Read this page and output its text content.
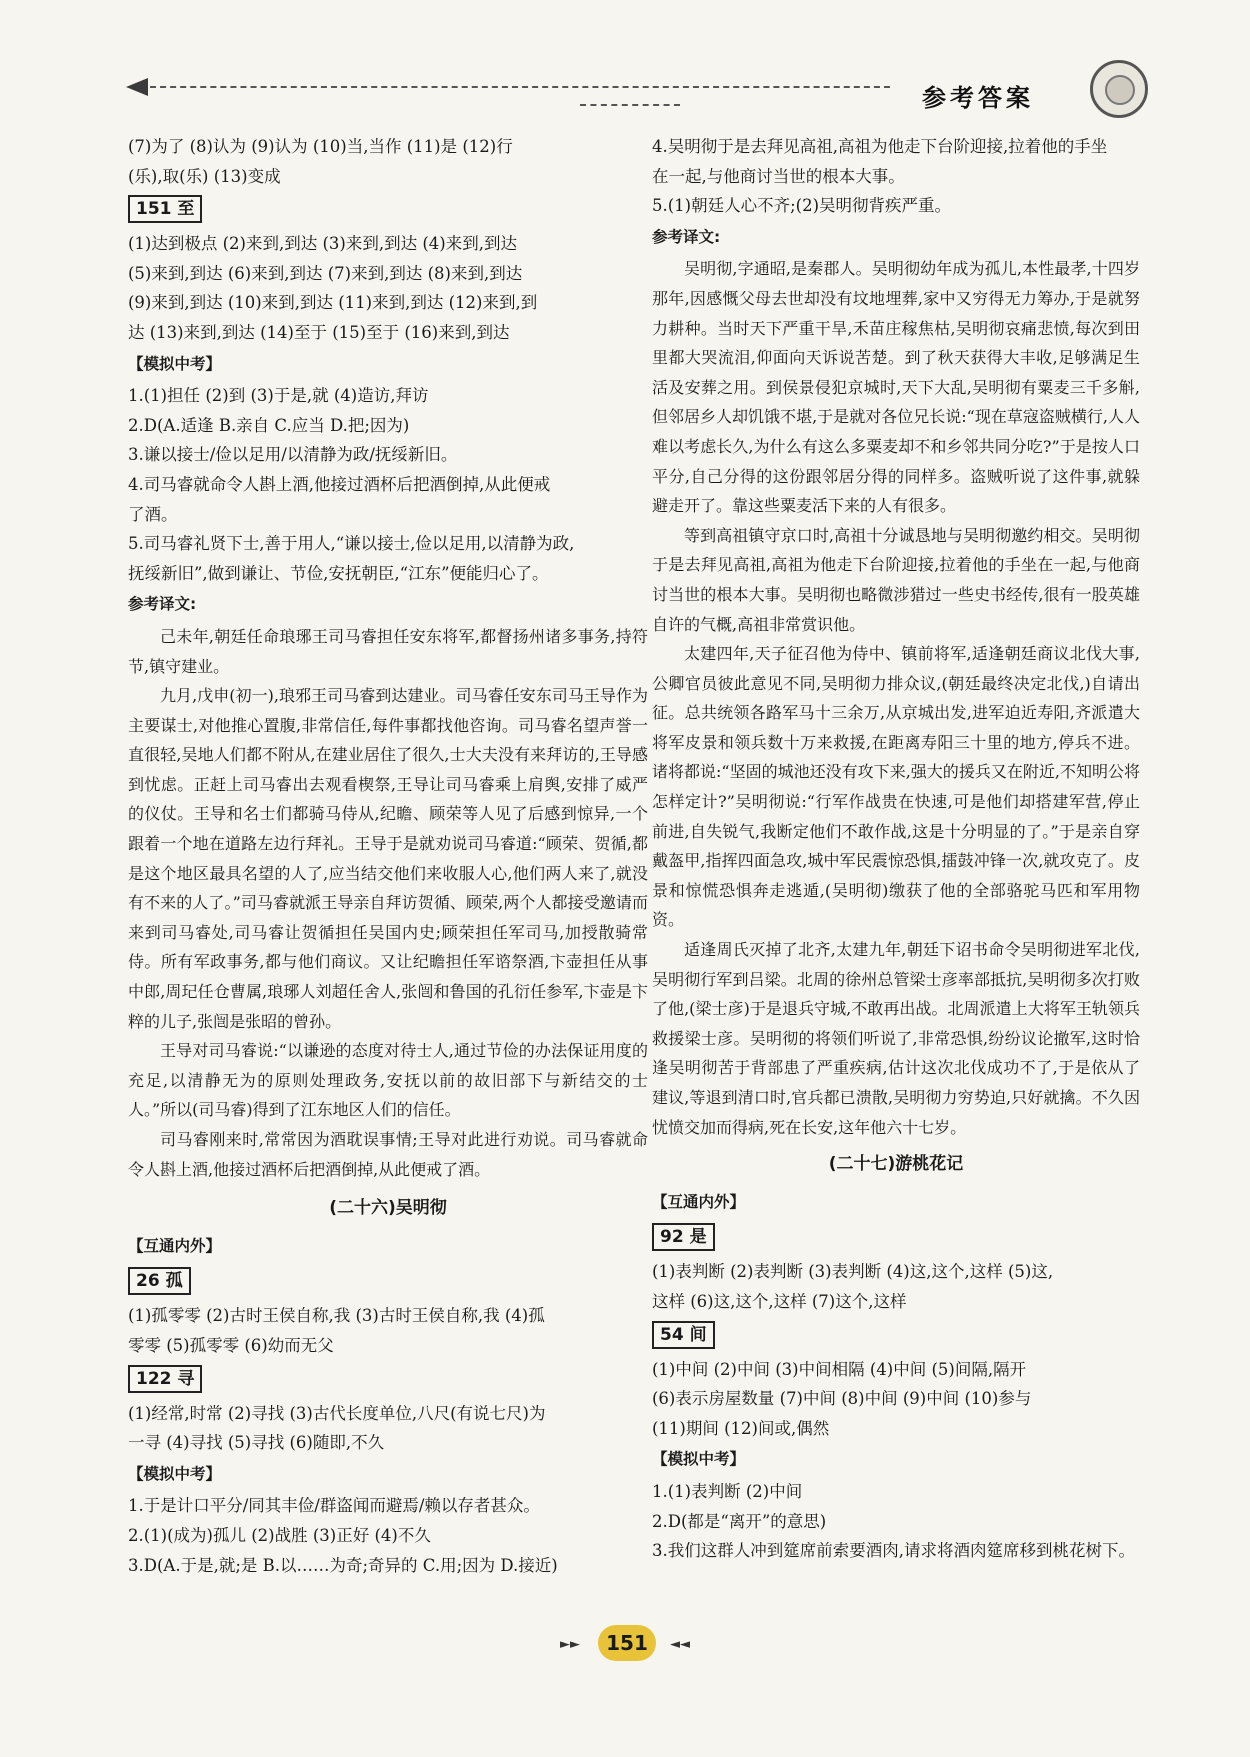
参考答案
(7)为了 (8)认为 (9)认为 (10)当,当作 (11)是 (12)行
(乐),取(乐) (13)变成
151 至
(1)达到极点 (2)来到,到达 (3)来到,到达 (4)来到,到达
(5)来到,到达 (6)来到,到达 (7)来到,到达 (8)来到,到达
(9)来到,到达 (10)来到,到达 (11)来到,到达 (12)来到,到
达 (13)来到,到达 (14)至于 (15)至于 (16)来到,到达
【模拟中考】
1.(1)担任 (2)到 (3)于是,就 (4)造访,拜访
2.D(A.适逢 B.亲自 C.应当 D.把;因为)
3.谦以接士/俭以足用/以清静为政/抚绥新旧。
4.司马睿就命令人斟上酒,他接过酒杯后把酒倒掉,从此便戒
了酒。
5.司马睿礼贤下士,善于用人,“谦以接士,俭以足用,以清静为政,
抚绥新旧”,做到谦让、节俭,安抚朝臣,“江东”便能归心了。
参考译文:

己未年,朝廷任命琅琊王司马睿担任安东将军,都督扬州诸多事务,持符节,镇守建业。

九月,戊申(初一),琅邪王司马睿到达建业。司马睿任安东司马王导作为主要谋士,对他推心置腹,非常信任,每件事都找他咨询。司马睿名望声誉一直很轻,吴地人们都不附从,在建业居住了很久,士大夫没有来拜访的,王导感到忧虑。正赶上司马睿出去观看楔祭,王导让司马睿乘上肩舆,安排了威严的仪仗。王导和名士们都骑马侍从,纪瞻、顾荣等人见了后感到惊异,一个跟着一个地在道路左边行拜礼。王导于是就劝说司马睿道:“顾荣、贺循,都是这个地区最具名望的人了,应当结交他们来收服人心,他们两人来了,就没有不来的人了。”司马睿就派王导亲自拜访贺循、顾荣,两个人都接受邀请而来到司马睿处,司马睿让贺循担任吴国内史;顾荣担任军司马,加授散骑常侍。所有军政事务,都与他们商议。又让纪瞻担任军谘祭酒,卞壶担任从事中郎,周玘任仓曹属,琅琊人刘超任舍人,张闿和鲁国的孔衍任参军,卞壶是卞粹的儿子,张闿是张昭的曾孙。

王导对司马睿说:“以谦逊的态度对待士人,通过节俭的办法保证用度的充足,以清静无为的原则处理政务,安抚以前的故旧部下与新结交的士人。”所以(司马睿)得到了江东地区人们的信任。

司马睿刚来时,常常因为酒耽误事情;王导对此进行劝说。司马睿就命令人斟上酒,他接过酒杯后把酒倒掉,从此便戒了酒。

(二十六)吴明彻
【互通内外】
26 孤
(1)孤零零 (2)古时王侯自称,我 (3)古时王侯自称,我 (4)孤
零零 (5)孤零零 (6)幼而无父
122 寻
(1)经常,时常 (2)寻找 (3)古代长度单位,八尺(有说七尺)为
一寻 (4)寻找 (5)寻找 (6)随即,不久
【模拟中考】
1.于是计口平分/同其丰俭/群盗闻而避焉/赖以存者甚众。
2.(1)(成为)孤儿 (2)战胜 (3)正好 (4)不久
3.D(A.于是,就;是 B.以……为奇;奇异的 C.用;因为 D.接近)
4.吴明彻于是去拜见高祖,高祖为他走下台阶迎接,拉着他的手坐
在一起,与他商讨当世的根本大事。
5.(1)朝廷人心不齐;(2)吴明彻背疾严重。
参考译文:

吴明彻,字通昭,是秦郡人。吴明彻幼年成为孤儿,本性最孝,十四岁那年,因感慨父母去世却没有坟地埋葬,家中又穷得无力筹办,于是就努力耕种。当时天下严重干旱,禾苗庄稼焦枯,吴明彻哀痛悲愤,每次到田里都大哭流泪,仰面向天诉说苦楚。到了秋天获得大丰收,足够满足生活及安葬之用。到侯景侵犯京城时,天下大乱,吴明彻有粟麦三千多斛,但邻居乡人却饥饿不堪,于是就对各位兄长说:“现在草寇盗贼横行,人人难以考虑长久,为什么有这么多粟麦却不和乡邻共同分吃?”于是按人口平分,自己分得的这份跟邻居分得的同样多。盗贼听说了这件事,就躲避走开了。靠这些粟麦活下来的人有很多。

等到高祖镇守京口时,高祖十分诚恳地与吴明彻邀约相交。吴明彻于是去拜见高祖,高祖为他走下台阶迎接,拉着他的手坐在一起,与他商讨当世的根本大事。吴明彻也略微涉猎过一些史书经传,很有一股英雄自许的气概,高祖非常赏识他。

太建四年,天子征召他为侍中、镇前将军,适逢朝廷商议北伐大事,公卿官员彼此意见不同,吴明彻力排众议,(朝廷最终决定北伐,)自请出征。总共统领各路军马十三余万,从京城出发,进军迫近寿阳,齐派遣大将军皮景和领兵数十万来救援,在距离寿阳三十里的地方,停兵不进。诸将都说:“坚固的城池还没有攻下来,强大的援兵又在附近,不知明公将怎样定计?”吴明彻说:“行军作战贵在快速,可是他们却搭建军营,停止前进,自失锐气,我断定他们不敢作战,这是十分明显的了。”于是亲自穿戴盔甲,指挥四面急攻,城中军民震惊恐惧,擂鼓冲锋一次,就攻克了。皮景和惊慌恐惧奔走逃遁,(吴明彻)缴获了他的全部骆驼马匹和军用物资。

适逢周氏灭掉了北齐,太建九年,朝廷下诏书命令吴明彻进军北伐,吴明彻行军到吕梁。北周的徐州总管梁士彦率部抵抗,吴明彻多次打败了他,(梁士彦)于是退兵守城,不敢再出战。北周派遣上大将军王轨领兵救援梁士彦。吴明彻的将领们听说了,非常恐惧,纷纷议论撤军,这时恰逢吴明彻苦于背部患了严重疾病,估计这次北伐成功不了,于是依从了建议,等退到清口时,官兵都已溃散,吴明彻力穷势迫,只好就擒。不久因忧愤交加而得病,死在长安,这年他六十七岁。

(二十七)游桃花记
【互通内外】
92 是
(1)表判断 (2)表判断 (3)表判断 (4)这,这个,这样 (5)这,
这样 (6)这,这个,这样 (7)这个,这样
54 间
(1)中间 (2)中间 (3)中间相隔 (4)中间 (5)间隔,隔开
(6)表示房屋数量 (7)中间 (8)中间 (9)中间 (10)参与
(11)期间 (12)间或,偶然
【模拟中考】
1.(1)表判断 (2)中间
2.D(都是“离开”的意思)
3.我们这群人冲到筵席前索要酒肉,请求将酒肉筵席移到桃花树下。
►►	151	◄◄
